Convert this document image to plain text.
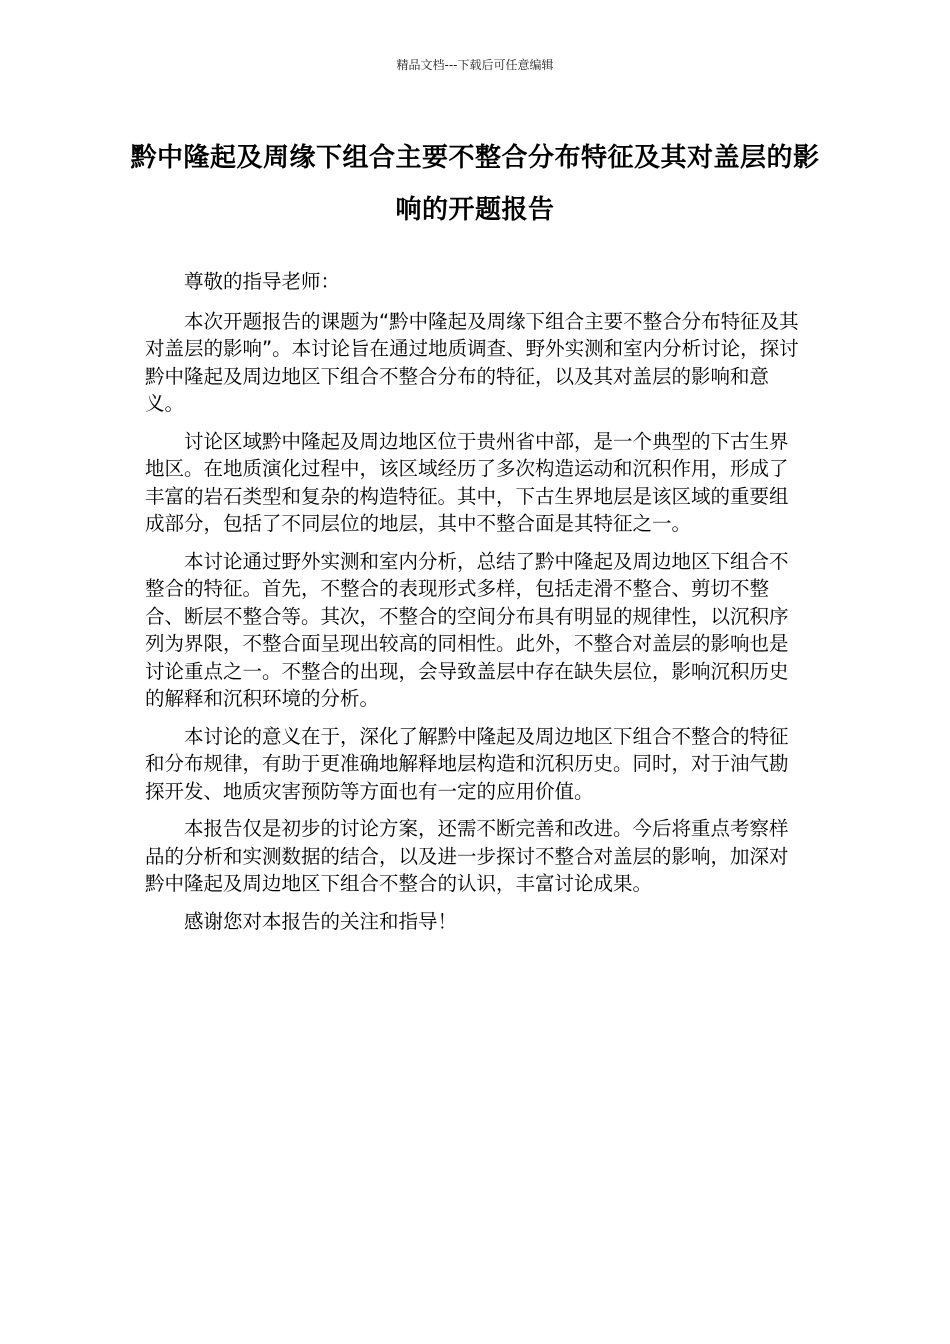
精品文档---下载后可任意编辑
黔中隆起及周缘下组合主要不整合分布特征及其对盖层的影响的开题报告

尊敬的指导老师：

本次开题报告的课题为“黔中隆起及周缘下组合主要不整合分布特征及其对盖层的影响”。本讨论旨在通过地质调查、野外实测和室内分析讨论，探讨黔中隆起及周边地区下组合不整合分布的特征，以及其对盖层的影响和意义。

讨论区域黔中隆起及周边地区位于贵州省中部，是一个典型的下古生界地区。在地质演化过程中，该区域经历了多次构造运动和沉积作用，形成了丰富的岩石类型和复杂的构造特征。其中，下古生界地层是该区域的重要组成部分，包括了不同层位的地层，其中不整合面是其特征之一。

本讨论通过野外实测和室内分析，总结了黔中隆起及周边地区下组合不整合的特征。首先，不整合的表现形式多样，包括走滑不整合、剪切不整合、断层不整合等。其次，不整合的空间分布具有明显的规律性，以沉积序列为界限，不整合面呈现出较高的同相性。此外，不整合对盖层的影响也是讨论重点之一。不整合的出现，会导致盖层中存在缺失层位，影响沉积历史的解释和沉积环境的分析。

本讨论的意义在于，深化了解黔中隆起及周边地区下组合不整合的特征和分布规律，有助于更准确地解释地层构造和沉积历史。同时，对于油气勘探开发、地质灾害预防等方面也有一定的应用价值。

本报告仅是初步的讨论方案，还需不断完善和改进。今后将重点考察样品的分析和实测数据的结合，以及进一步探讨不整合对盖层的影响，加深对黔中隆起及周边地区下组合不整合的认识，丰富讨论成果。

感谢您对本报告的关注和指导！
